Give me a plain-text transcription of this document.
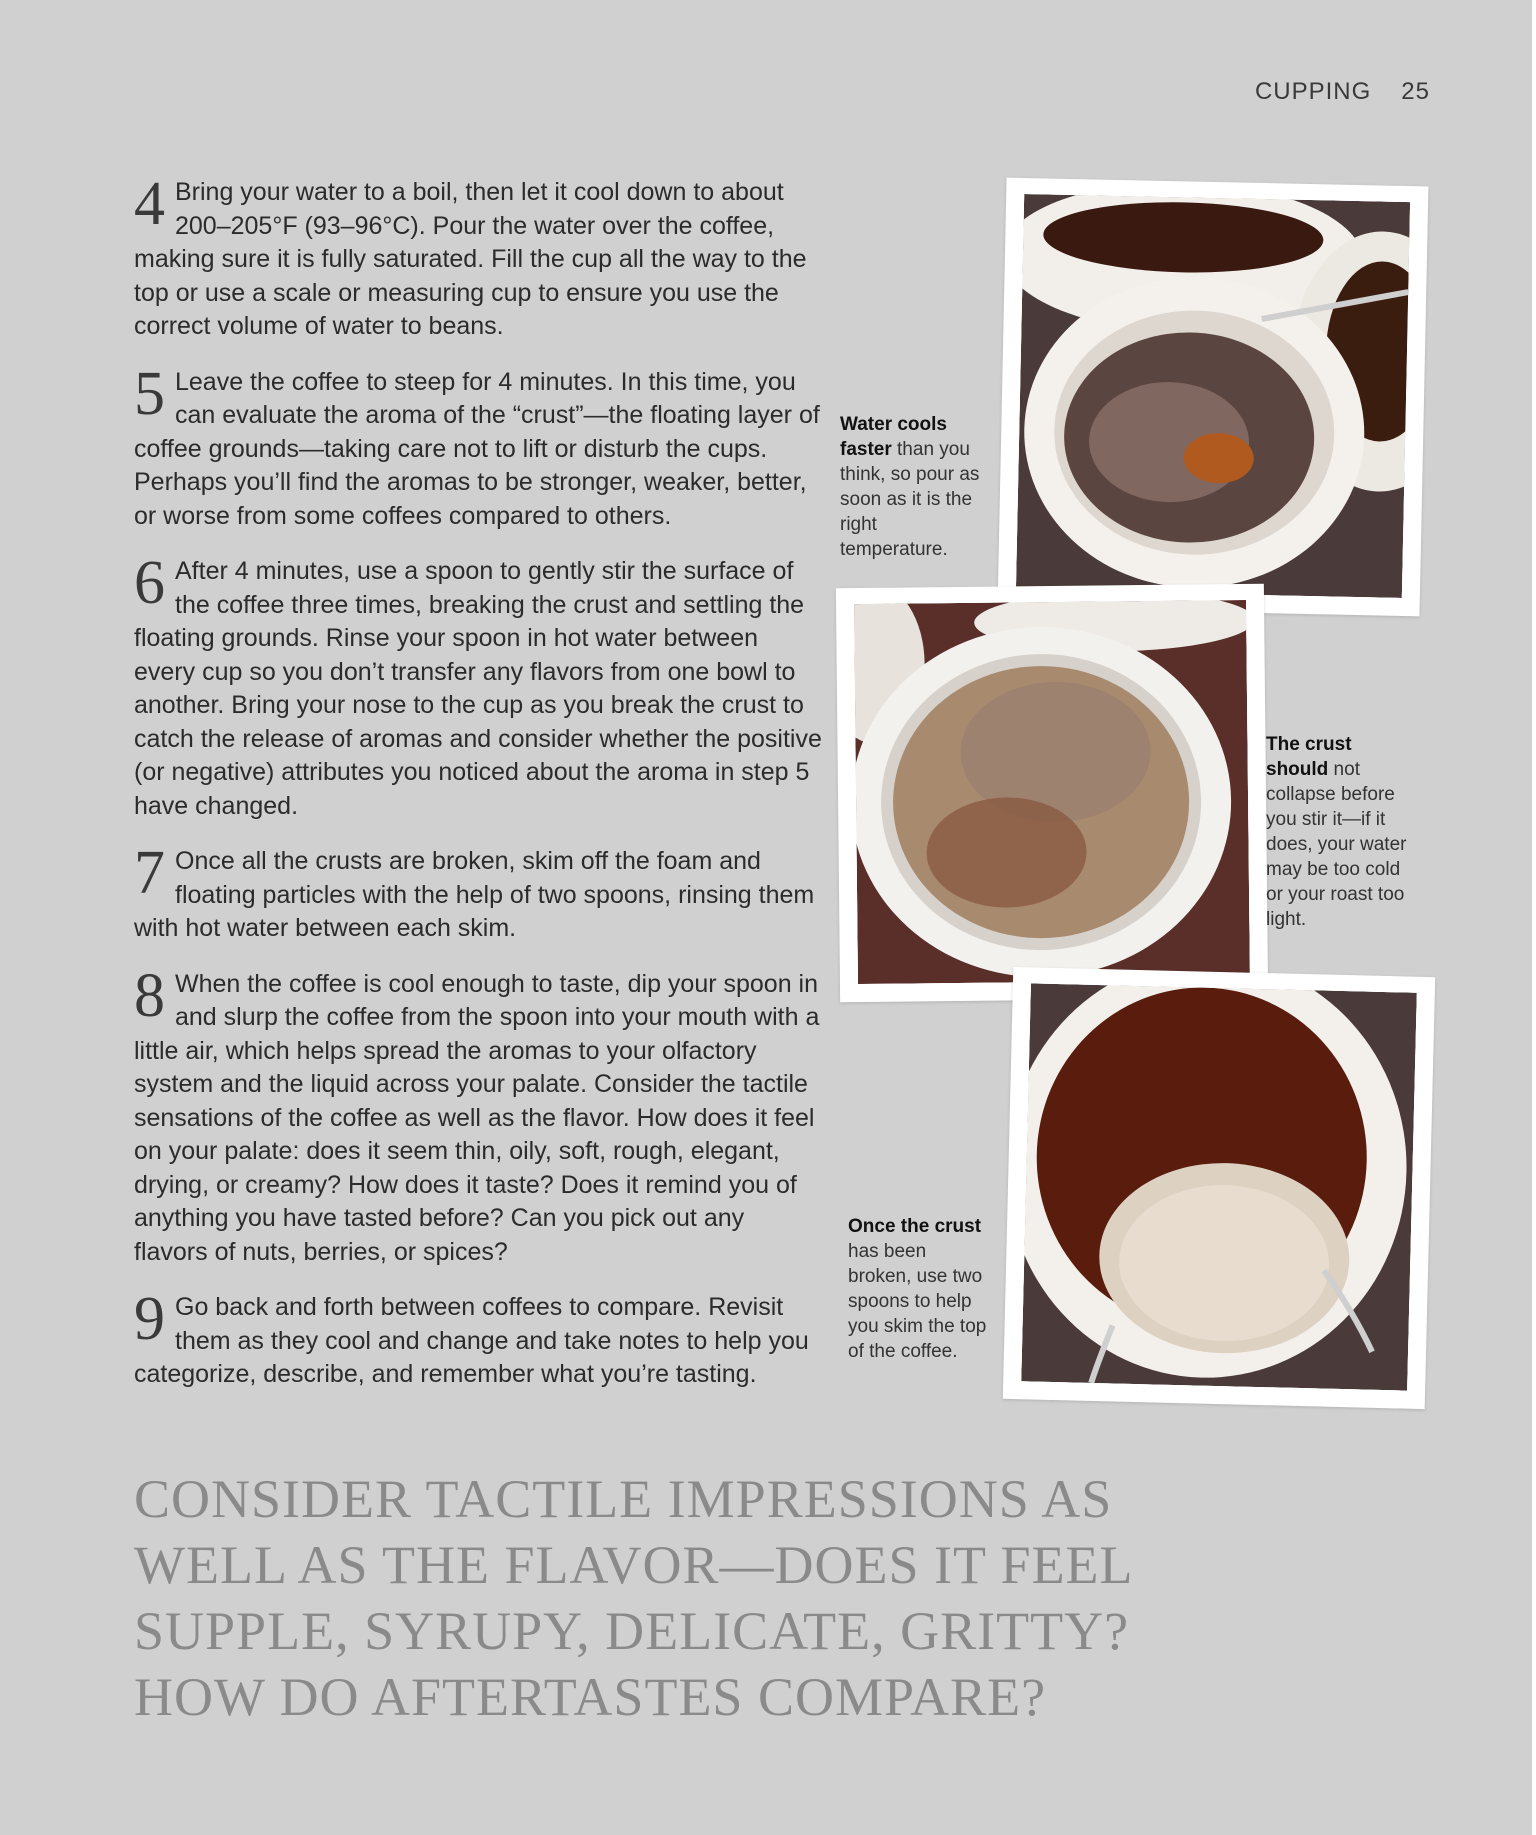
CUPPING 25
4 Bring your water to a boil, then let it cool down to about 200–205°F (93–96°C). Pour the water over the coffee, making sure it is fully saturated. Fill the cup all the way to the top or use a scale or measuring cup to ensure you use the correct volume of water to beans.
5 Leave the coffee to steep for 4 minutes. In this time, you can evaluate the aroma of the “crust”—the floating layer of coffee grounds—taking care not to lift or disturb the cups. Perhaps you’ll find the aromas to be stronger, weaker, better, or worse from some coffees compared to others.
6 After 4 minutes, use a spoon to gently stir the surface of the coffee three times, breaking the crust and settling the floating grounds. Rinse your spoon in hot water between every cup so you don’t transfer any flavors from one bowl to another. Bring your nose to the cup as you break the crust to catch the release of aromas and consider whether the positive (or negative) attributes you noticed about the aroma in step 5 have changed.
7 Once all the crusts are broken, skim off the foam and floating particles with the help of two spoons, rinsing them with hot water between each skim.
8 When the coffee is cool enough to taste, dip your spoon in and slurp the coffee from the spoon into your mouth with a little air, which helps spread the aromas to your olfactory system and the liquid across your palate. Consider the tactile sensations of the coffee as well as the flavor. How does it feel on your palate: does it seem thin, oily, soft, rough, elegant, drying, or creamy? How does it taste? Does it remind you of anything you have tasted before? Can you pick out any flavors of nuts, berries, or spices?
9 Go back and forth between coffees to compare. Revisit them as they cool and change and take notes to help you categorize, describe, and remember what you’re tasting.
Water cools faster than you think, so pour as soon as it is the right temperature.
The crust should not collapse before you stir it—if it does, your water may be too cold or your roast too light.
Once the crust has been broken, use two spoons to help you skim the top of the coffee.
CONSIDER TACTILE IMPRESSIONS AS WELL AS THE FLAVOR—DOES IT FEEL SUPPLE, SYRUPY, DELICATE, GRITTY? HOW DO AFTERTASTES COMPARE?
